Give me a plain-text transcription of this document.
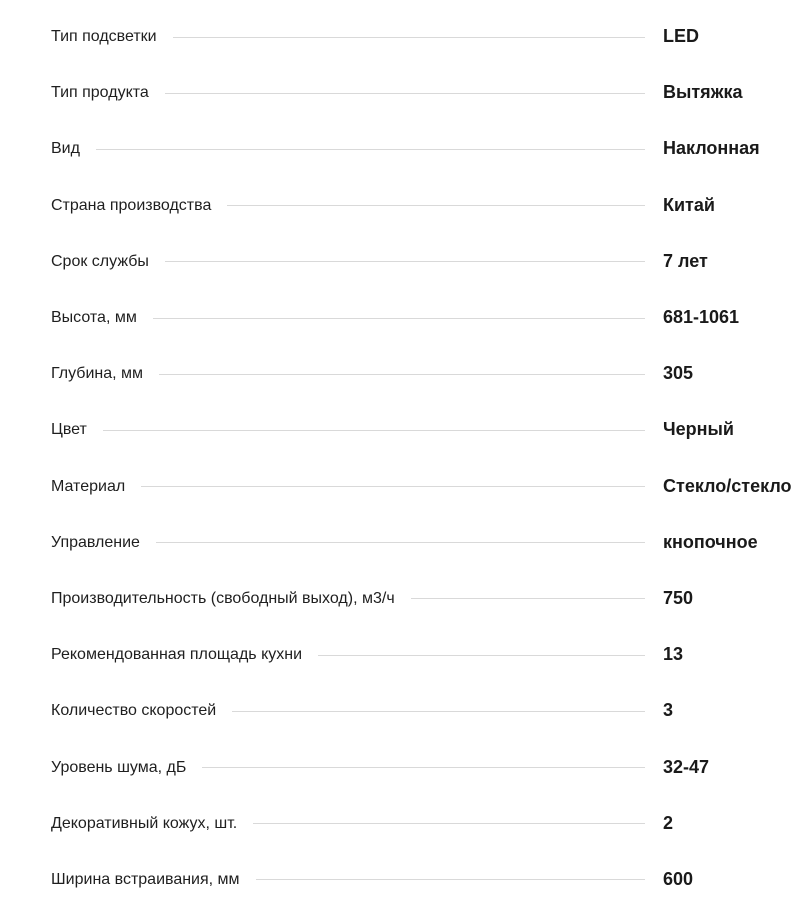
Тип подсветки	LED
Тип продукта	Вытяжка
Вид	Наклонная
Страна производства	Китай
Срок службы	7 лет
Высота, мм	681-1061
Глубина, мм	305
Цвет	Черный
Материал	Стекло/стекло
Управление	кнопочное
Производительность (свободный выход), м3/ч	750
Рекомендованная площадь кухни	13
Количество скоростей	3
Уровень шума, дБ	32-47
Декоративный кожух, шт.	2
Ширина встраивания, мм	600
